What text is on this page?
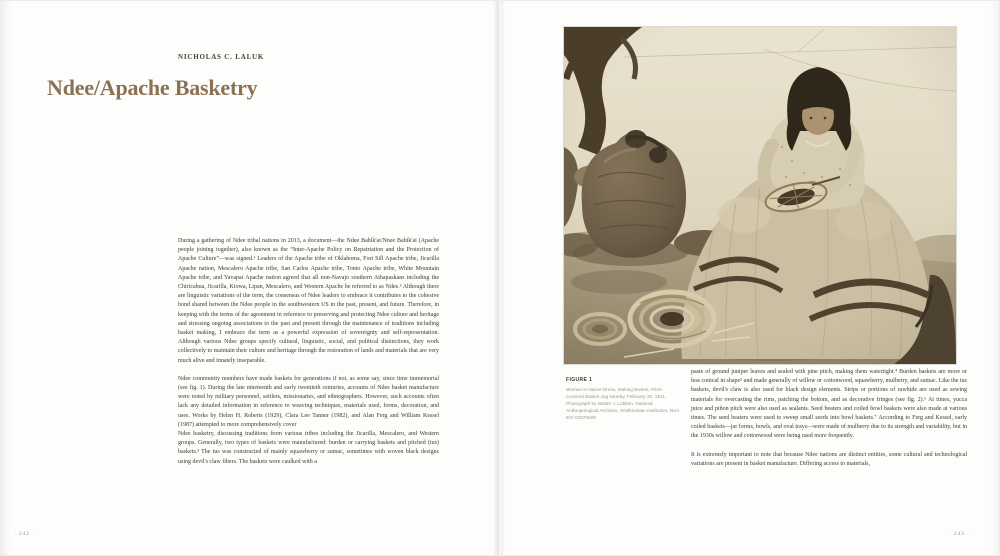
NICHOLAS C. LALUK
Ndee/Apache Basketry

During a gathering of Ndee tribal nations in 2013, a document—the Ndee Bahík'ai/Nnee Bahík'ai (Apache people joining together), also known as the “Inter-Apache Policy on Repatriation and the Protection of Apache Culture”—was signed.¹ Leaders of the Apache tribe of Oklahoma, Fort Sill Apache tribe, Jicarilla Apache nation, Mescalero Apache tribe, San Carlos Apache tribe, Tonto Apache tribe, White Mountain Apache tribe, and Yavapai Apache nation agreed that all non-Navajo southern Athapaskans including the Chiricahua, Jicarilla, Kiowa, Lipan, Mescalero, and Western Apache be referred to as Ndee.² Although there are linguistic variations of the term, the consensus of Ndee leaders to embrace it contributes to the cohesive bond shared between the Ndee people in the southwestern US in the past, present, and future. Therefore, in keeping with the terms of the agreement in reference to preserving and protecting Ndee culture and heritage and stressing ongoing associations to the past and present through the maintenance of traditions including basket making, I embrace the term as a powerful expression of sovereignty and self-representation. Although various Ndee groups specify cultural, linguistic, social, and political distinctions, they work collectively to maintain their culture and heritage through the restoration of lands and materials that are very much alive and innately inseparable.

Ndee community members have made baskets for generations if not, as some say, since time immemorial (see fig. 1). During the late nineteenth and early twentieth centuries, accounts of Ndee basket manufacture were noted by military personnel, settlers, missionaries, and ethnographers. However, such accounts often lack any detailed information in reference to weaving techniques, materials used, forms, decoration, and uses. Works by Helen H. Roberts (1929), Clara Lee Tanner (1982), and Alan Ferg and William Kessel (1987) attempted to more comprehensively cover

Ndee basketry, discussing traditions from various tribes including the Jicarilla, Mescalero, and Western groups. Generally, two types of baskets were manufactured: burden or carrying baskets and pitched (tus) baskets.³ The tus was constructed of mainly squawberry or sumac, sometimes with woven black designs using devil's claw fibers. The baskets were caulked with a

· 242 ·
FIGURE 1
Woman in Native Dress, Making Basket, Pitch-Covered Basket Jug Nearby, February 20, 1911. Photograph by Walter J. Lubken. National Anthropological Archives, Smithsonian Institution, NAA INV 02075600

paste of ground juniper leaves and sealed with pine pitch, making them watertight.⁴ Burden baskets are more or less conical in shape⁵ and made generally of willow or cottonwood, squawberry, mulberry, and sumac. Like the tus baskets, devil's claw is also used for black design elements. Strips or portions of rawhide are used as sewing materials for overcasting the rims, patching the bottom, and as decorative fringes (see fig. 2).⁶ At times, yucca juice and piñon pitch were also used as sealants. Seed beaters and coiled bowl baskets were also made at various times. The seed beaters were used to sweep small seeds into bowl baskets.⁷ According to Ferg and Kessel, early coiled baskets—jar forms, bowls, and oval trays—were made of mulberry due to its strength and variability, but in the 1930s willow and cottonwood were being used more frequently.

It is extremely important to note that because Ndee nations are distinct entities, some cultural and technological variations are present in basket manufacture. Differing access to materials,

· 243 ·
